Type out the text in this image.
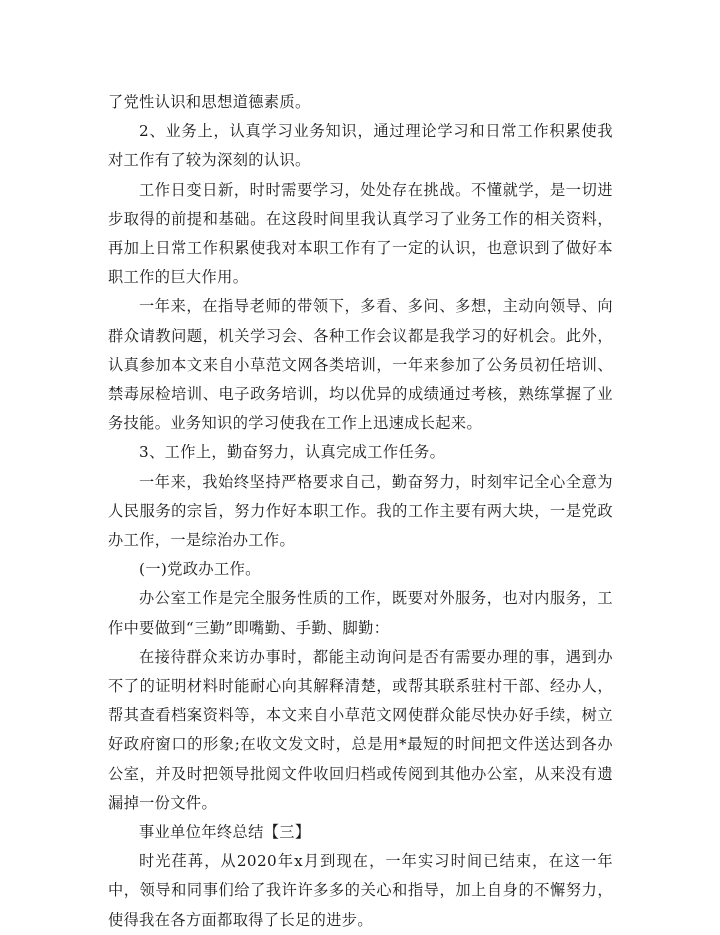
了党性认识和思想道德素质。

2、业务上，认真学习业务知识，通过理论学习和日常工作积累使我对工作有了较为深刻的认识。

工作日变日新，时时需要学习，处处存在挑战。不懂就学，是一切进步取得的前提和基础。在这段时间里我认真学习了业务工作的相关资料，再加上日常工作积累使我对本职工作有了一定的认识，也意识到了做好本职工作的巨大作用。

一年来，在指导老师的带领下，多看、多问、多想，主动向领导、向群众请教问题，机关学习会、各种工作会议都是我学习的好机会。此外，认真参加本文来自小草范文网各类培训，一年来参加了公务员初任培训、禁毒尿检培训、电子政务培训，均以优异的成绩通过考核，熟练掌握了业务技能。业务知识的学习使我在工作上迅速成长起来。

3、工作上，勤奋努力，认真完成工作任务。

一年来，我始终坚持严格要求自己，勤奋努力，时刻牢记全心全意为人民服务的宗旨，努力作好本职工作。我的工作主要有两大块，一是党政办工作，一是综治办工作。

(一)党政办工作。

办公室工作是完全服务性质的工作，既要对外服务，也对内服务，工作中要做到“三勤”即嘴勤、手勤、脚勤：

在接待群众来访办事时，都能主动询问是否有需要办理的事，遇到办不了的证明材料时能耐心向其解释清楚，或帮其联系驻村干部、经办人，帮其查看档案资料等，本文来自小草范文网使群众能尽快办好手续，树立好政府窗口的形象;在收文发文时，总是用*最短的时间把文件送达到各办公室，并及时把领导批阅文件收回归档或传阅到其他办公室，从来没有遗漏掉一份文件。

事业单位年终总结【三】

时光荏苒，从2020年x月到现在，一年实习时间已结束，在这一年中，领导和同事们给了我许许多多的关心和指导，加上自身的不懈努力，使得我在各方面都取得了长足的进步。
